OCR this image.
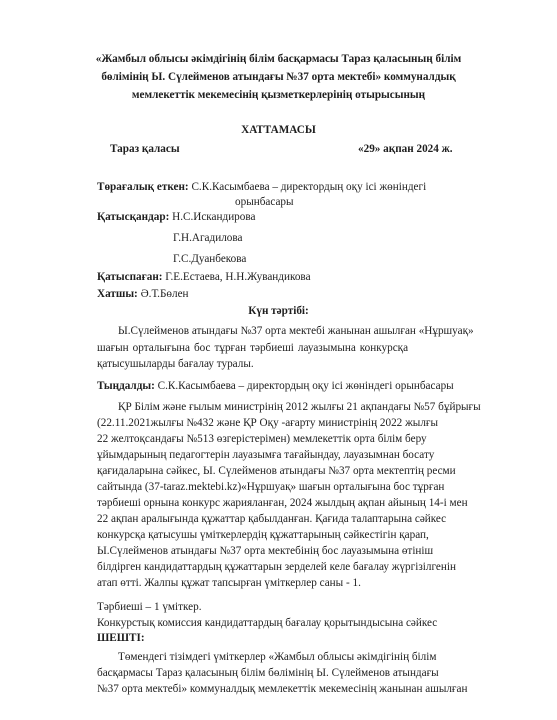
«Жамбыл облысы әкімдігінің білім басқармасы Тараз қаласының білім
бөлімінің Ы. Сүлейменов атындағы №37 орта мектебі» коммуналдық
мемлекеттік мекемесінің қызметкерлерінің отырысының
ХАТТАМАСЫ
Тараз қаласы	«29» ақпан 2024 ж.
Төрағалық еткен: С.К.Касымбаева – директордың оқу ісі жөніндегі
орынбасары
Қатысқандар: Н.С.Искандирова
Г.Н.Агадилова
Г.С.Дуанбекова
Қатыспаған: Г.Е.Естаева, Н.Н.Жувандикова
Хатшы: Ә.Т.Бөлен
Күн тәртібі:
Ы.Сүлейменов атындағы №37 орта мектебі жанынан ашылған «Нұршуақ»
шағын орталығына бос тұрған тәрбиеші лауазымына конкурсқа
қатысушыларды бағалау туралы.
Тыңдалды: С.К.Касымбаева – директордың оқу ісі жөніндегі орынбасары
ҚР Білім және ғылым министрінің 2012 жылғы 21 ақпандағы №57 бұйрығы
(22.11.2021жылғы №432 және ҚР Оқу -ағарту министрінің 2022 жылғы
22 желтоқсандағы №513 өзгерістерімен) мемлекеттік орта білім беру
ұйымдарының педагогтерін лауазымға тағайындау, лауазымнан босату
қағидаларына сәйкес, Ы. Сүлейменов атындағы №37 орта мектептің ресми
сайтында (37-taraz.mektebi.kz)«Нұршуақ» шағын орталығына бос тұрған
тәрбиеші орнына конкурс жарияланған, 2024 жылдың ақпан айының 14-і мен
22 ақпан аралығында құжаттар қабылданған. Қағида талаптарына сәйкес
конкурсқа қатысушы үміткерлердің құжаттарының сәйкестігін қарап,
Ы.Сүлейменов атындағы №37 орта мектебінің бос лауазымына өтініш
білдірген кандидаттардың құжаттарын зерделей келе бағалау жүргізілгенін
атап өтті. Жалпы құжат тапсырған үміткерлер саны - 1.
Тәрбиеші – 1 үміткер.
Конкурстық комиссия кандидаттардың бағалау қорытындысына сәйкес
ШЕШТІ:
Төмендегі тізімдегі үміткерлер «Жамбыл облысы әкімдігінің білім
басқармасы Тараз қаласының білім бөлімінің Ы. Сүлейменов атындағы
№37 орта мектебі» коммуналдық мемлекеттік мекемесінің жанынан ашылған
